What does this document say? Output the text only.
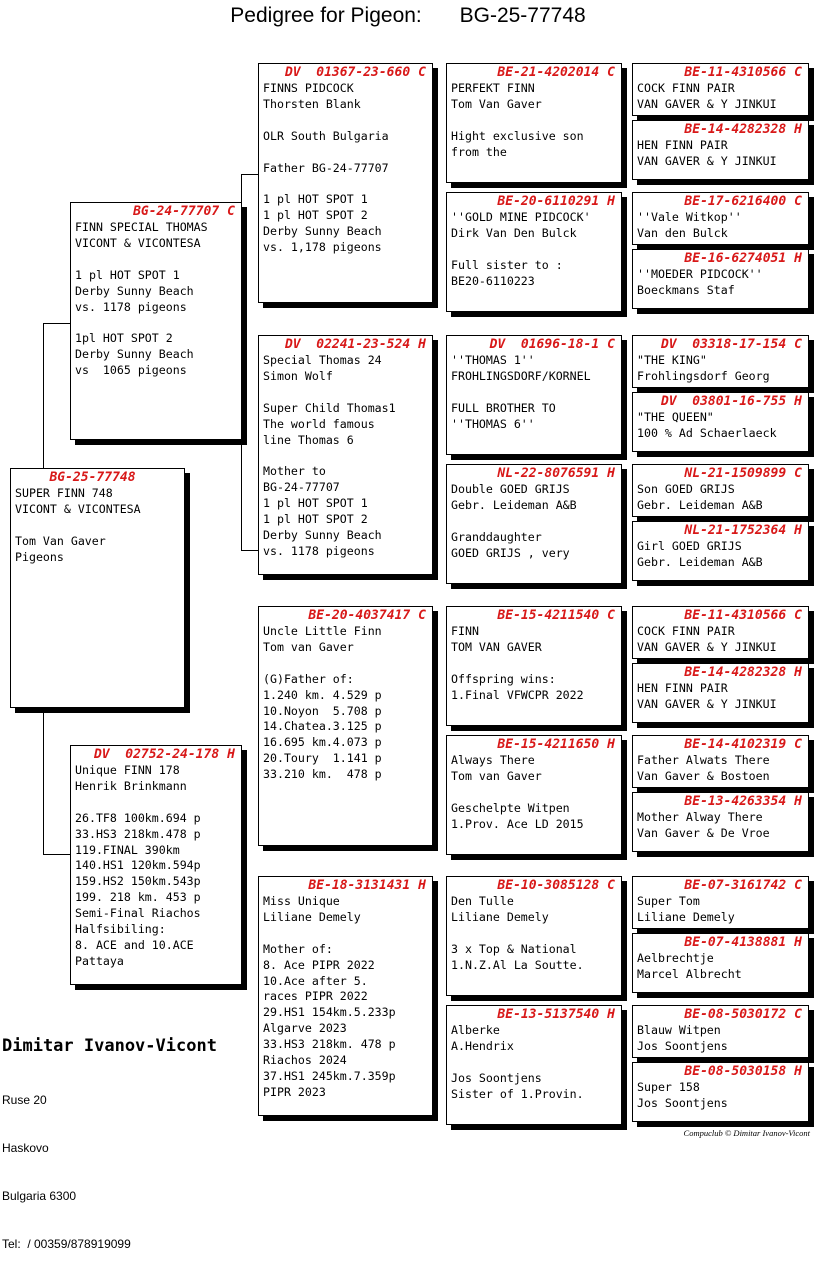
Pedigree for Pigeon: BG-25-77748
BG-25-77748
SUPER FINN 748
VICONT & VICONTESA
Tom Van Gaver
Pigeons
BG-24-77707 C
FINN SPECIAL THOMAS
VICONT & VICONTESA
1 pl HOT SPOT 1
Derby Sunny Beach
vs. 1178 pigeons
1pl HOT SPOT 2
Derby Sunny Beach
vs  1065 pigeons
DV  02752-24-178 H
Unique FINN 178
Henrik Brinkmann
26.TF8 100km.694 p
33.HS3 218km.478 p
119.FINAL 390km
140.HS1 120km.594p
159.HS2 150km.543p
199. 218 km. 453 p
Semi-Final Riachos
Halfsibiling:
8. ACE and 10.ACE
Pattaya
DV  01367-23-660 C
FINNS PIDCOCK
Thorsten Blank
OLR South Bulgaria
Father BG-24-77707
1 pl HOT SPOT 1
1 pl HOT SPOT 2
Derby Sunny Beach
vs. 1,178 pigeons
DV  02241-23-524 H
Special Thomas 24
Simon Wolf
Super Child Thomas1
The world famous
line Thomas 6
Mother to
BG-24-77707
1 pl HOT SPOT 1
1 pl HOT SPOT 2
Derby Sunny Beach
vs. 1178 pigeons
BE-20-4037417 C
Uncle Little Finn
Tom van Gaver
(G)Father of:
1.240 km. 4.529 p
10.Noyon  5.708 p
14.Chatea.3.125 p
16.695 km.4.073 p
20.Toury  1.141 p
33.210 km.  478 p
BE-18-3131431 H
Miss Unique
Liliane Demely
Mother of:
8. Ace PIPR 2022
10.Ace after 5.
races PIPR 2022
29.HS1 154km.5.233p
Algarve 2023
33.HS3 218km. 478 p
Riachos 2024
37.HS1 245km.7.359p
PIPR 2023
BE-21-4202014 C
PERFEKT FINN
Tom Van Gaver
Hight exclusive son
from the
BE-20-6110291 H
''GOLD MINE PIDCOCK'
Dirk Van Den Bulck
Full sister to :
BE20-6110223
DV  01696-18-1 C
''THOMAS 1''
FROHLINGSDORF/KORNEL
FULL BROTHER TO
''THOMAS 6''
NL-22-8076591 H
Double GOED GRIJS
Gebr. Leideman A&B
Granddaughter
GOED GRIJS , very
BE-15-4211540 C
FINN
TOM VAN GAVER
Offspring wins:
1.Final VFWCPR 2022
BE-15-4211650 H
Always There
Tom van Gaver
Geschelpte Witpen
1.Prov. Ace LD 2015
BE-10-3085128 C
Den Tulle
Liliane Demely
3 x Top & National
1.N.Z.Al La Soutte.
BE-13-5137540 H
Alberke
A.Hendrix
Jos Soontjens
Sister of 1.Provin.
BE-11-4310566 C
COCK FINN PAIR
VAN GAVER & Y JINKUI
BE-14-4282328 H
HEN FINN PAIR
VAN GAVER & Y JINKUI
BE-17-6216400 C
''Vale Witkop''
Van den Bulck
BE-16-6274051 H
''MOEDER PIDCOCK''
Boeckmans Staf
DV  03318-17-154 C
"THE KING"
Frohlingsdorf Georg
DV  03801-16-755 H
"THE QUEEN"
100 % Ad Schaerlaeck
NL-21-1509899 C
Son GOED GRIJS
Gebr. Leideman A&B
NL-21-1752364 H
Girl GOED GRIJS
Gebr. Leideman A&B
BE-11-4310566 C
COCK FINN PAIR
VAN GAVER & Y JINKUI
BE-14-4282328 H
HEN FINN PAIR
VAN GAVER & Y JINKUI
BE-14-4102319 C
Father Alwats There
Van Gaver & Bostoen
BE-13-4263354 H
Mother Alway There
Van Gaver & De Vroe
BE-07-3161742 C
Super Tom
Liliane Demely
BE-07-4138881 H
Aelbrechtje
Marcel Albrecht
BE-08-5030172 C
Blauw Witpen
Jos Soontjens
BE-08-5030158 H
Super 158
Jos Soontjens
Dimitar Ivanov-Vicont

Ruse 20

Haskovo

Bulgaria 6300

Tel:  / 00359/878919099

Compuclub © Dimitar Ivanov-Vicont
